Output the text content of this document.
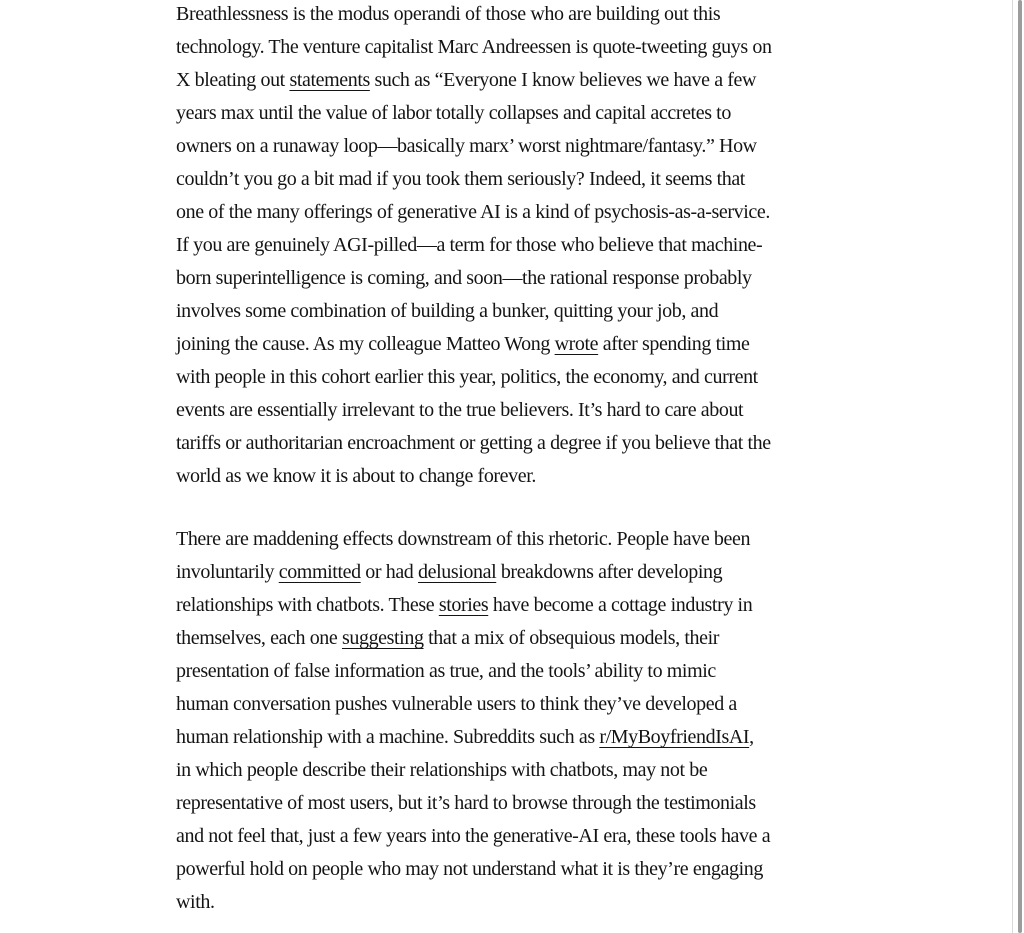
Breathlessness is the modus operandi of those who are building out this
technology. The venture capitalist Marc Andreessen is quote-tweeting guys on
X bleating out statements such as “Everyone I know believes we have a few
years max until the value of labor totally collapses and capital accretes to
owners on a runaway loop—basically marx’ worst nightmare/fantasy.” How
couldn’t you go a bit mad if you took them seriously? Indeed, it seems that
one of the many offerings of generative AI is a kind of psychosis-as-a-service.
If you are genuinely AGI-pilled—a term for those who believe that machine-
born superintelligence is coming, and soon—the rational response probably
involves some combination of building a bunker, quitting your job, and
joining the cause. As my colleague Matteo Wong wrote after spending time
with people in this cohort earlier this year, politics, the economy, and current
events are essentially irrelevant to the true believers. It’s hard to care about
tariffs or authoritarian encroachment or getting a degree if you believe that the
world as we know it is about to change forever.
There are maddening effects downstream of this rhetoric. People have been
involuntarily committed or had delusional breakdowns after developing
relationships with chatbots. These stories have become a cottage industry in
themselves, each one suggesting that a mix of obsequious models, their
presentation of false information as true, and the tools’ ability to mimic
human conversation pushes vulnerable users to think they’ve developed a
human relationship with a machine. Subreddits such as r/MyBoyfriendIsAI,
in which people describe their relationships with chatbots, may not be
representative of most users, but it’s hard to browse through the testimonials
and not feel that, just a few years into the generative-AI era, these tools have a
powerful hold on people who may not understand what it is they’re engaging
with.
